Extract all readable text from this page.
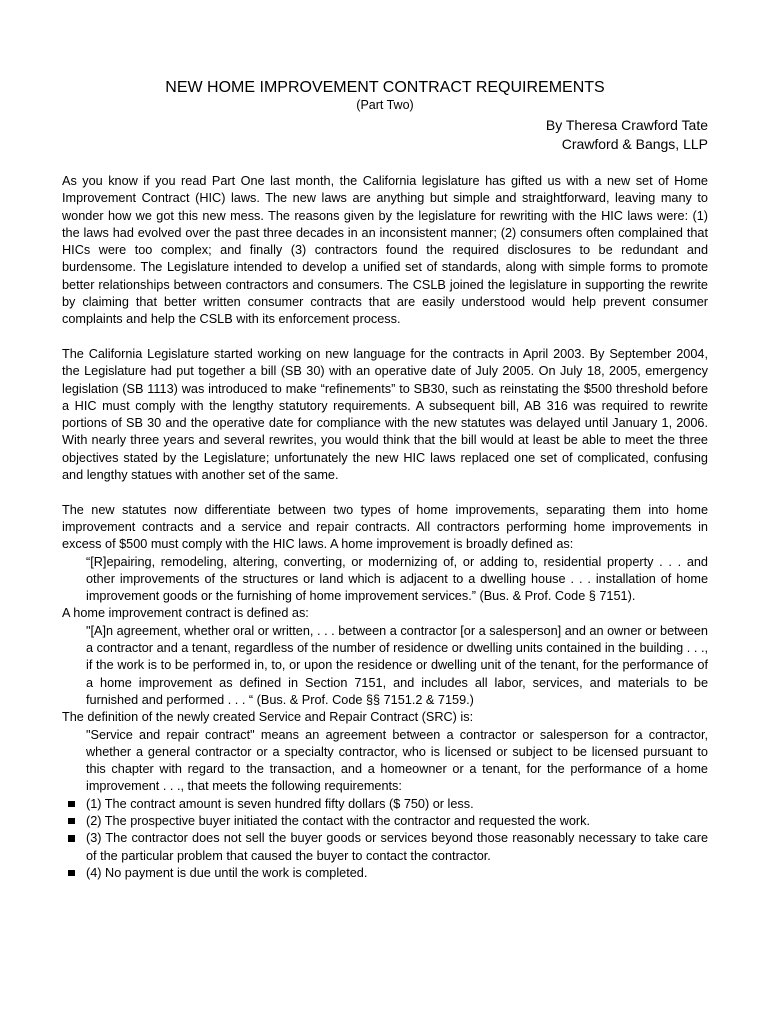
NEW HOME IMPROVEMENT CONTRACT REQUIREMENTS

(Part Two)

By Theresa Crawford Tate

Crawford & Bangs, LLP

As you know if you read Part One last month, the California legislature has gifted us with a new set of Home Improvement Contract (HIC) laws. The new laws are anything but simple and straightforward, leaving many to wonder how we got this new mess. The reasons given by the legislature for rewriting with the HIC laws were: (1) the laws had evolved over the past three decades in an inconsistent manner; (2) consumers often complained that HICs were too complex; and finally (3) contractors found the required disclosures to be redundant and burdensome. The Legislature intended to develop a unified set of standards, along with simple forms to promote better relationships between contractors and consumers. The CSLB joined the legislature in supporting the rewrite by claiming that better written consumer contracts that are easily understood would help prevent consumer complaints and help the CSLB with its enforcement process.

The California Legislature started working on new language for the contracts in April 2003. By September 2004, the Legislature had put together a bill (SB 30) with an operative date of July 2005. On July 18, 2005, emergency legislation (SB 1113) was introduced to make “refinements” to SB30, such as reinstating the $500 threshold before a HIC must comply with the lengthy statutory requirements. A subsequent bill, AB 316 was required to rewrite portions of SB 30 and the operative date for compliance with the new statutes was delayed until January 1, 2006. With nearly three years and several rewrites, you would think that the bill would at least be able to meet the three objectives stated by the Legislature; unfortunately the new HIC laws replaced one set of complicated, confusing and lengthy statues with another set of the same.

The new statutes now differentiate between two types of home improvements, separating them into home improvement contracts and a service and repair contracts. All contractors performing home improvements in excess of $500 must comply with the HIC laws. A home improvement is broadly defined as:

“[R]epairing, remodeling, altering, converting, or modernizing of, or adding to, residential property . . . and other improvements of the structures or land which is adjacent to a dwelling house . . . installation of home improvement goods or the furnishing of home improvement services.” (Bus. & Prof. Code § 7151).

A home improvement contract is defined as:

"[A]n agreement, whether oral or written, . . . between a contractor [or a salesperson] and an owner or between a contractor and a tenant, regardless of the number of residence or dwelling units contained in the building . . ., if the work is to be performed in, to, or upon the residence or dwelling unit of the tenant, for the performance of a home improvement as defined in Section 7151, and includes all labor, services, and materials to be furnished and performed . . . “ (Bus. & Prof. Code §§ 7151.2 & 7159.)

The definition of the newly created Service and Repair Contract (SRC) is:

"Service and repair contract" means an agreement between a contractor or salesperson for a contractor, whether a general contractor or a specialty contractor, who is licensed or subject to be licensed pursuant to this chapter with regard to the transaction, and a homeowner or a tenant, for the performance of a home improvement . . ., that meets the following requirements:

(1) The contract amount is seven hundred fifty dollars ($ 750) or less.
(2) The prospective buyer initiated the contact with the contractor and requested the work.
(3) The contractor does not sell the buyer goods or services beyond those reasonably necessary to take care of the particular problem that caused the buyer to contact the contractor.
(4) No payment is due until the work is completed.
